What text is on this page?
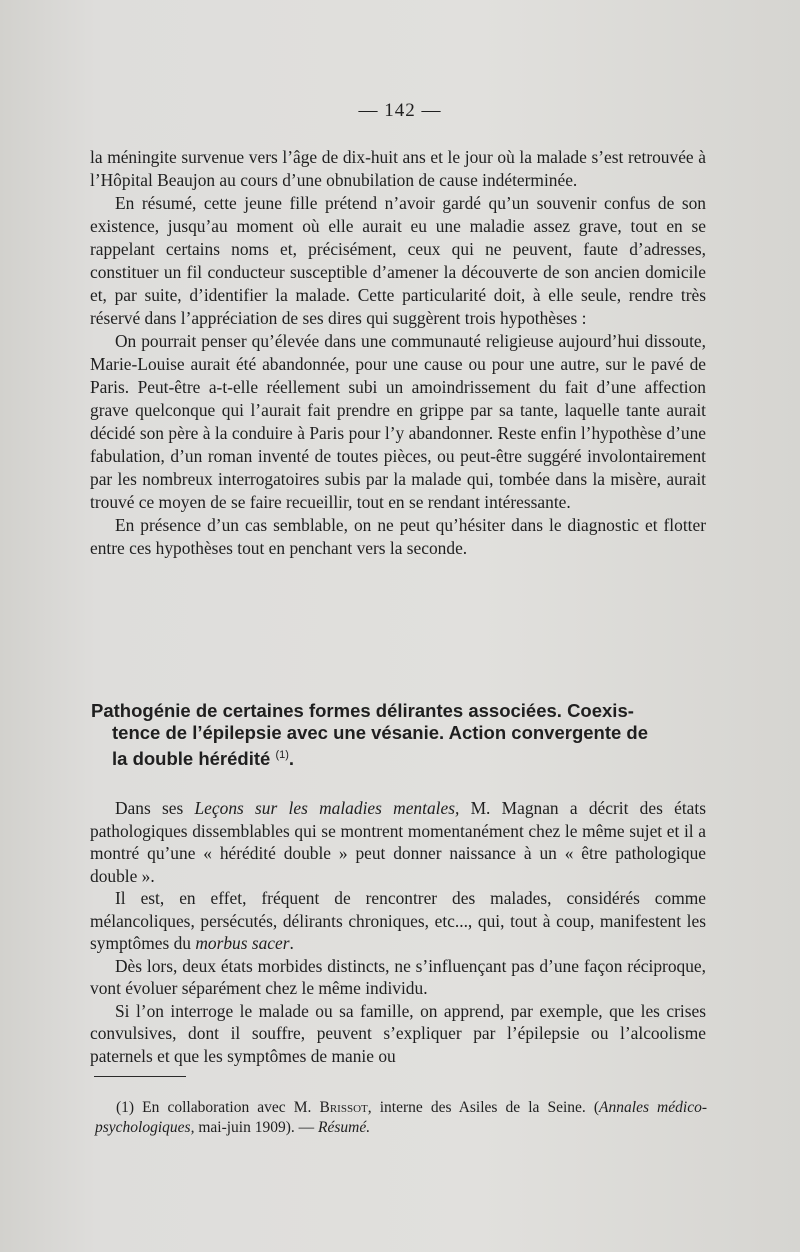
— 142 —

la méningite survenue vers l’âge de dix-huit ans et le jour où la malade s’est retrouvée à l’Hôpital Beaujon au cours d’une obnubilation de cause indéterminée.

En résumé, cette jeune fille prétend n’avoir gardé qu’un souvenir confus de son existence, jusqu’au moment où elle aurait eu une maladie assez grave, tout en se rappelant certains noms et, précisément, ceux qui ne peuvent, faute d’adresses, constituer un fil conducteur susceptible d’amener la découverte de son ancien domicile et, par suite, d’identifier la malade. Cette particularité doit, à elle seule, rendre très réservé dans l’appréciation de ses dires qui suggèrent trois hypothèses :

On pourrait penser qu’élevée dans une communauté religieuse aujourd’hui dissoute, Marie-Louise aurait été abandonnée, pour une cause ou pour une autre, sur le pavé de Paris. Peut-être a-t-elle réellement subi un amoindrissement du fait d’une affection grave quelconque qui l’aurait fait prendre en grippe par sa tante, laquelle tante aurait décidé son père à la conduire à Paris pour l’y abandonner. Reste enfin l’hypothèse d’une fabulation, d’un roman inventé de toutes pièces, ou peut-être suggéré involontairement par les nombreux interrogatoires subis par la malade qui, tombée dans la misère, aurait trouvé ce moyen de se faire recueillir, tout en se rendant intéressante.

En présence d’un cas semblable, on ne peut qu’hésiter dans le diagnostic et flotter entre ces hypothèses tout en penchant vers la seconde.

Pathogénie de certaines formes délirantes associées. Coexis-
tence de l’épilepsie avec une vésanie. Action convergente de
la double hérédité $^{(1)}$.

Dans ses Leçons sur les maladies mentales, M. Magnan a décrit des états pathologiques dissemblables qui se montrent momentanément chez le même sujet et il a montré qu’une « hérédité double » peut donner naissance à un « être pathologique double ».

Il est, en effet, fréquent de rencontrer des malades, considérés comme mélancoliques, persécutés, délirants chroniques, etc..., qui, tout à coup, manifestent les symptômes du morbus sacer.

Dès lors, deux états morbides distincts, ne s’influençant pas d’une façon réciproque, vont évoluer séparément chez le même individu.

Si l’on interroge le malade ou sa famille, on apprend, par exemple, que les crises convulsives, dont il souffre, peuvent s’expliquer par l’épilepsie ou l’alcoolisme paternels et que les symptômes de manie ou

(1) En collaboration avec M. Brissot, interne des Asiles de la Seine. (Annales médico-psychologiques, mai-juin 1909). — Résumé.
